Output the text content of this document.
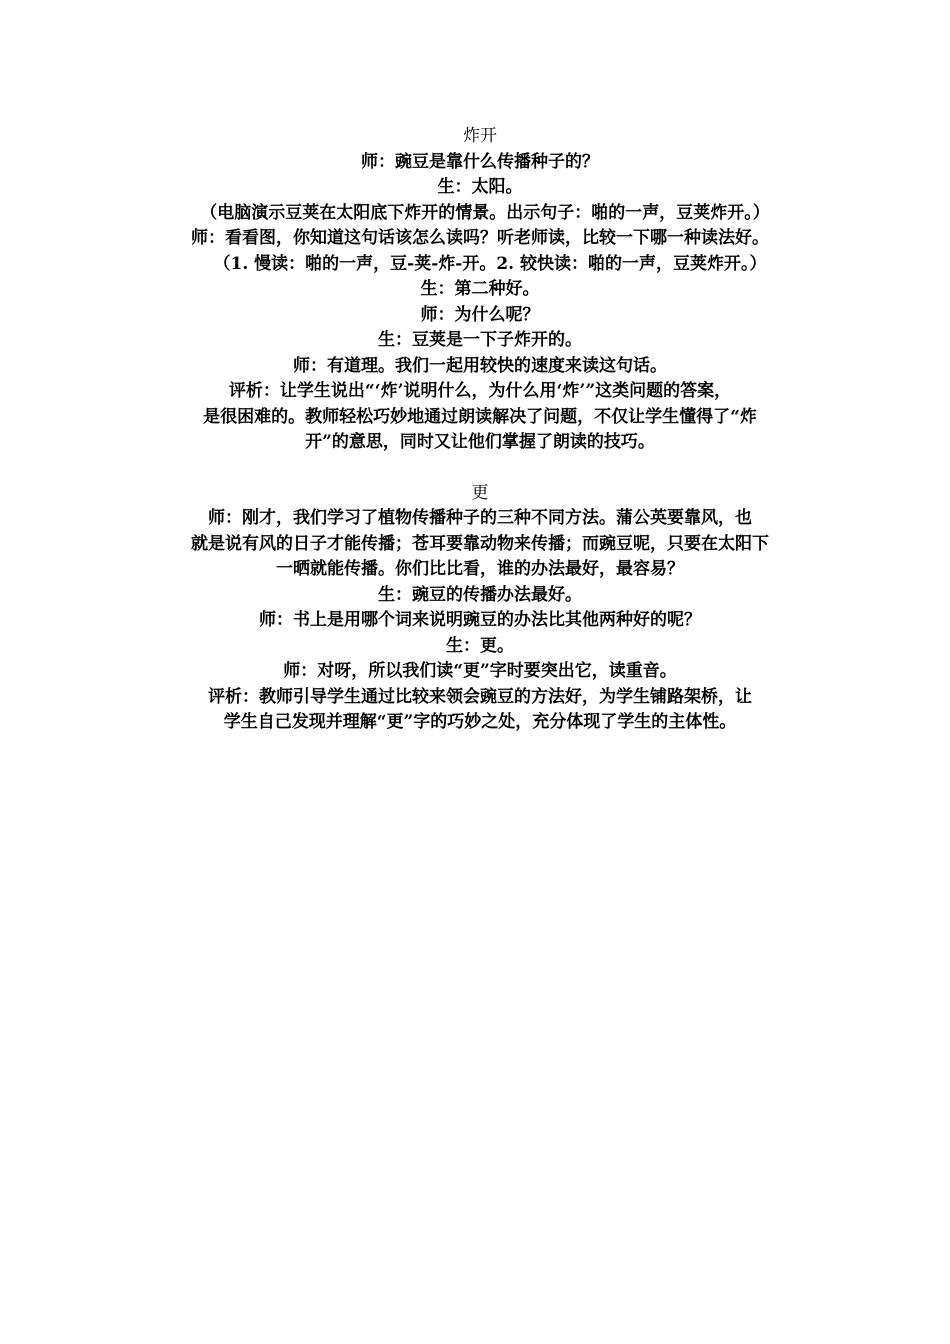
炸开

师：豌豆是靠什么传播种子的？

生：太阳。

（电脑演示豆荚在太阳底下炸开的情景。出示句子：啪的一声，豆荚炸开。）

师：看看图，你知道这句话该怎么读吗？听老师读，比较一下哪一种读法好。

（1. 慢读：啪的一声，豆-荚-炸-开。2. 较快读：啪的一声，豆荚炸开。）

生：第二种好。

师：为什么呢？

生：豆荚是一下子炸开的。

师：有道理。我们一起用较快的速度来读这句话。

评析：让学生说出“‘炸’说明什么，为什么用‘炸’”这类问题的答案，

是很困难的。教师轻松巧妙地通过朗读解决了问题，不仅让学生懂得了“炸

开”的意思，同时又让他们掌握了朗读的技巧。

更

师：刚才，我们学习了植物传播种子的三种不同方法。蒲公英要靠风，也

就是说有风的日子才能传播；苍耳要靠动物来传播；而豌豆呢，只要在太阳下

一晒就能传播。你们比比看，谁的办法最好，最容易？

生：豌豆的传播办法最好。

师：书上是用哪个词来说明豌豆的办法比其他两种好的呢？

生：更。

师：对呀，所以我们读“更”字时要突出它，读重音。

评析：教师引导学生通过比较来领会豌豆的方法好，为学生铺路架桥，让

学生自己发现并理解“更”字的巧妙之处，充分体现了学生的主体性。
